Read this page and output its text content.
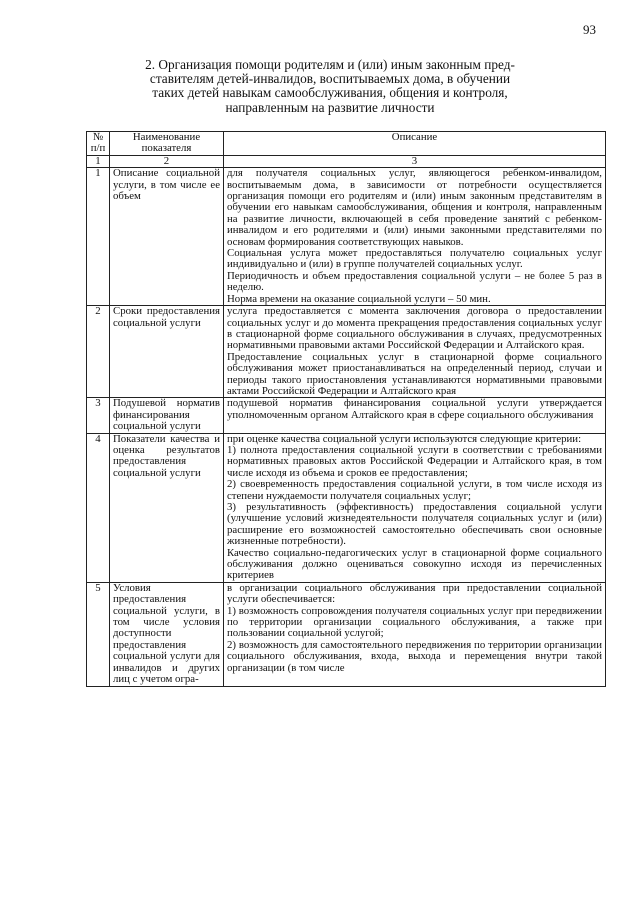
93
2. Организация помощи родителям и (или) иным законным пред-
ставителям детей-инвалидов, воспитываемых дома, в обучении
таких детей навыкам самообслуживания, общения и контроля,
направленным на развитие личности
№ п/п	Наименование показателя	Описание
1	2	3
1	Описание социальной услуги, в том числе ее объем	для получателя социальных услуг, являющегося ребенком-инвалидом, воспитываемым дома, в зависимости от потребности осуществляется организация помощи его родителям и (или) иным законным представителям в обучении его навыкам самообслуживания, общения и контроля, направленным на развитие личности, включающей в себя проведение занятий с ребенком-инвалидом и его родителями и (или) иными законными представителями по основам формирования соответствующих навыков.
Социальная услуга может предоставляться получателю социальных услуг индивидуально и (или) в группе получателей социальных услуг.
Периодичность и объем предоставления социальной услуги – не более 5 раз в неделю.
Норма времени на оказание социальной услуги – 50 мин.

2	Сроки предоставления социальной услуги	услуга предоставляется с момента заключения договора о предоставлении социальных услуг и до момента прекращения предоставления социальных услуг в стационарной форме социального обслуживания в случаях, предусмотренных нормативными правовыми актами Российской Федерации и Алтайского края.
Предоставление социальных услуг в стационарной форме социального обслуживания может приостанавливаться на определенный период, случаи и периоды такого приостановления устанавливаются нормативными правовыми актами Российской Федерации и Алтайского края

3	Подушевой норматив финансирования социальной услуги	подушевой норматив финансирования социальной услуги утверждается уполномоченным органом Алтайского края в сфере социального обслуживания

4	Показатели качества и оценка результатов предоставления социальной услуги	при оценке качества социальной услуги используются следующие критерии:
1) полнота предоставления социальной услуги в соответствии с требованиями нормативных правовых актов Российской Федерации и Алтайского края, в том числе исходя из объема и сроков ее предоставления;
2) своевременность предоставления социальной услуги, в том числе исходя из степени нуждаемости получателя социальных услуг;
3) результативность (эффективность) предоставления социальной услуги (улучшение условий жизнедеятельности получателя социальных услуг и (или) расширение его возможностей самостоятельно обеспечивать свои основные жизненные потребности).
Качество социально-педагогических услуг в стационарной форме социального обслуживания должно оцениваться совокупно исходя из перечисленных критериев

5	Условия предоставления социальной услуги, в том числе условия доступности предоставления социальной услуги для инвалидов и других лиц с учетом огра-	в организации социального обслуживания при предоставлении социальной услуги обеспечивается:
1) возможность сопровождения получателя социальных услуг при передвижении по территории организации социального обслуживания, а также при пользовании социальной услугой;
2) возможность для самостоятельного передвижения по территории организации социального обслуживания, входа, выхода и перемещения внутри такой организации (в том числе
